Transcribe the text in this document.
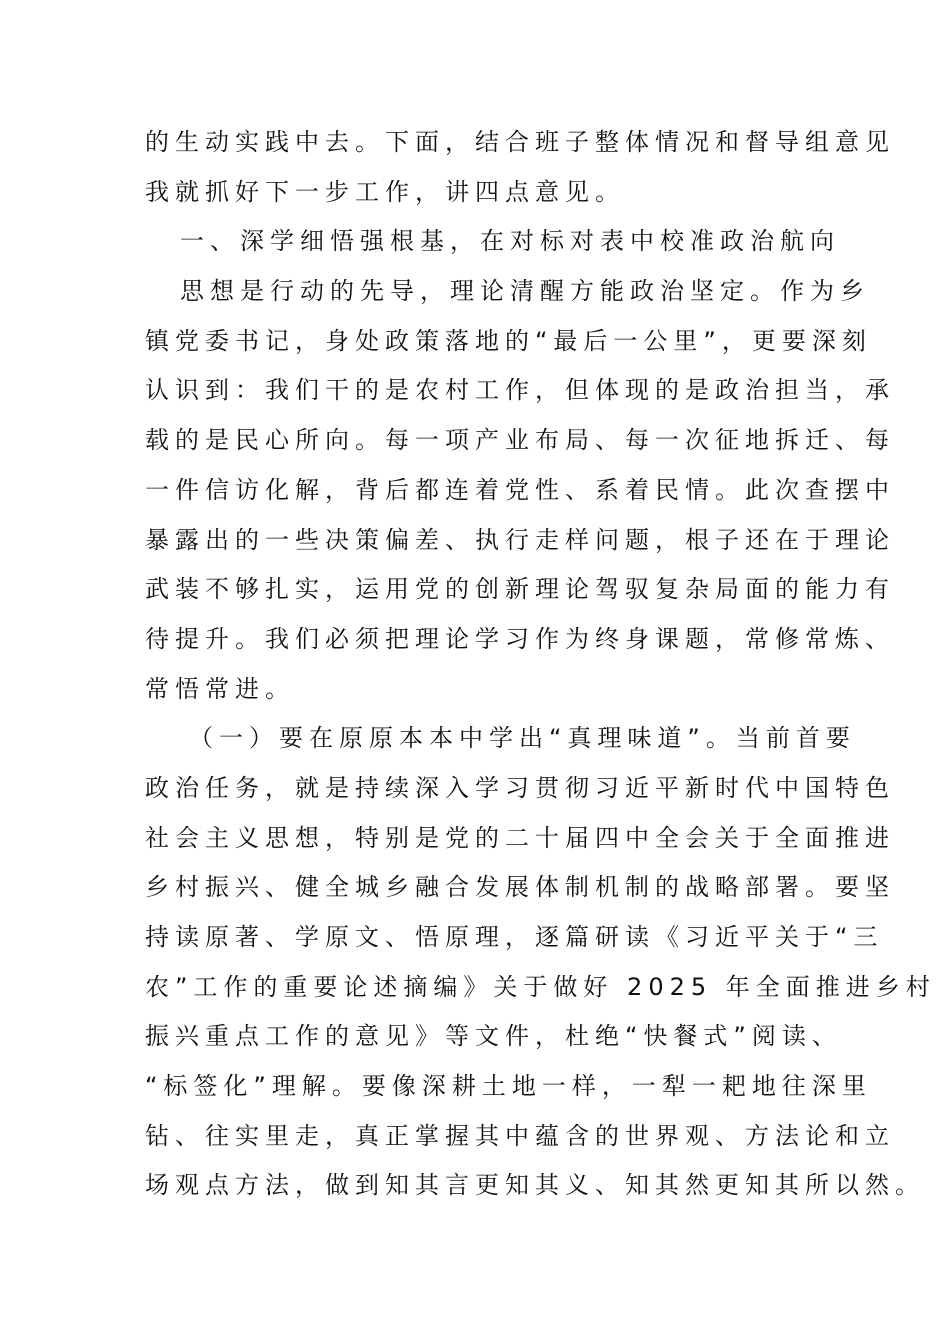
的生动实践中去。下面，结合班子整体情况和督导组意见
我就抓好下一步工作，讲四点意见。
一、深学细悟强根基，在对标对表中校准政治航向
思想是行动的先导，理论清醒方能政治坚定。作为乡
镇党委书记，身处政策落地的“最后一公里”，更要深刻
认识到：我们干的是农村工作，但体现的是政治担当，承
载的是民心所向。每一项产业布局、每一次征地拆迁、每
一件信访化解，背后都连着党性、系着民情。此次查摆中
暴露出的一些决策偏差、执行走样问题，根子还在于理论
武装不够扎实，运用党的创新理论驾驭复杂局面的能力有
待提升。我们必须把理论学习作为终身课题，常修常炼、
常悟常进。
（一）要在原原本本中学出“真理味道”。当前首要
政治任务，就是持续深入学习贯彻习近平新时代中国特色
社会主义思想，特别是党的二十届四中全会关于全面推进
乡村振兴、健全城乡融合发展体制机制的战略部署。要坚
持读原著、学原文、悟原理，逐篇研读《习近平关于“三
农”工作的重要论述摘编》关于做好 2025 年全面推进乡村
振兴重点工作的意见》等文件，杜绝“快餐式”阅读、
“标签化”理解。要像深耕土地一样，一犁一耙地往深里
钻、往实里走，真正掌握其中蕴含的世界观、方法论和立
场观点方法，做到知其言更知其义、知其然更知其所以然。
